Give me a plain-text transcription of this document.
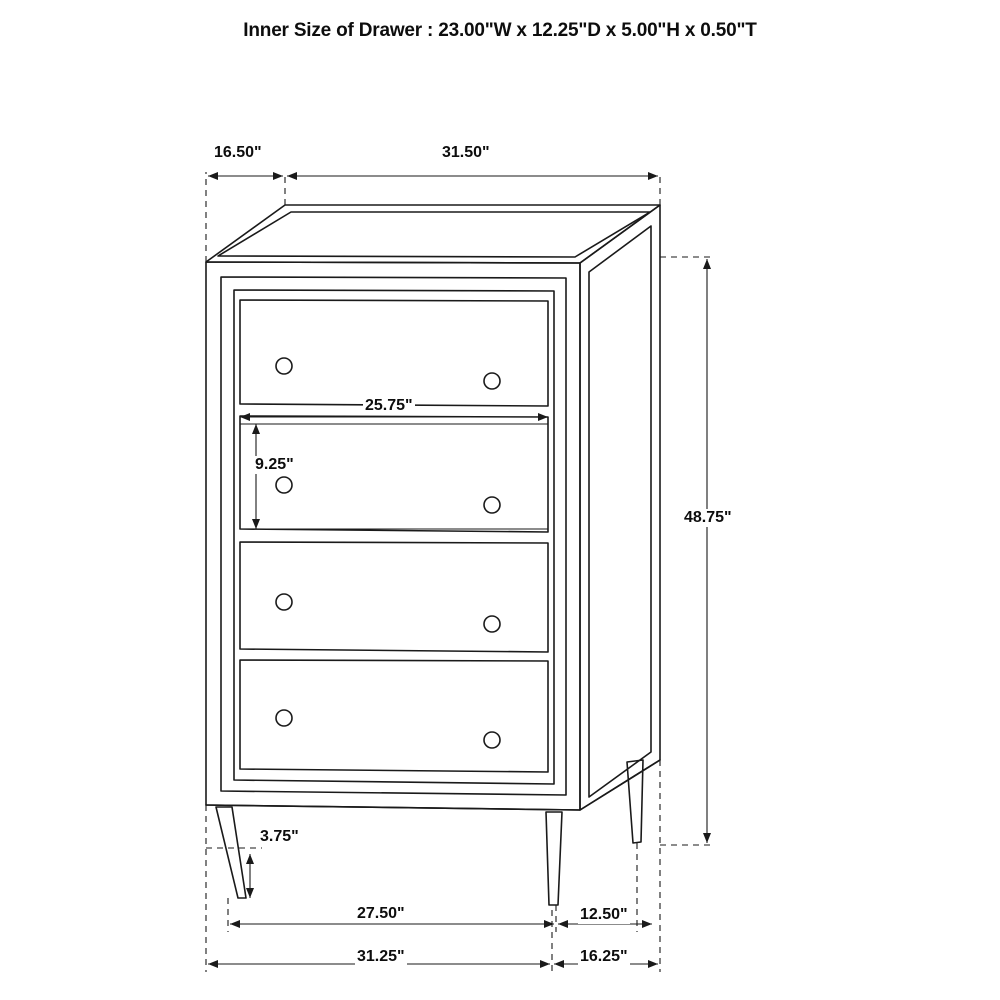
Inner Size of Drawer : 23.00"W x 12.25"D x 5.00"H x 0.50"T
16.50"	31.50"
48.75"
25.75"
9.25"
3.75"
27.50"	12.50"
31.25"	16.25"
